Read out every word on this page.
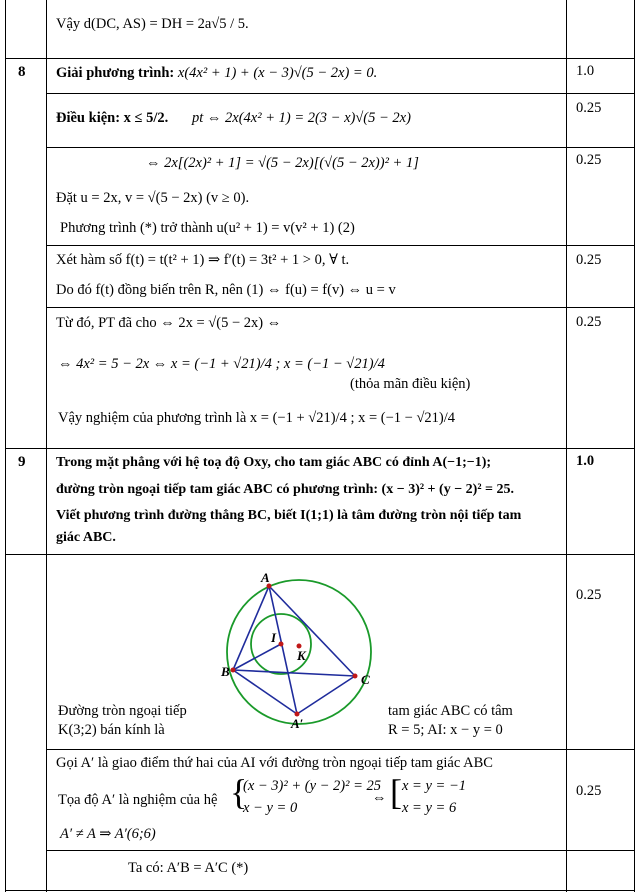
Vậy d(DC, AS) = DH = 2a√5 / 5.
8 Giải phương trình: x(4x² + 1) + (x − 3)√(5 − 2x) = 0.	1.0
Điều kiện: x ≤ 5/2. pt ⇔ 2x(4x² + 1) = 2(3 − x)√(5 − 2x)
0.25
⇔ 2x[(2x)² + 1] = √(5 − 2x)[(√(5 − 2x))² + 1]
Đặt u = 2x, v = √(5 − 2x) (v ≥ 0).
Phương trình (*) trở thành u(u² + 1) = v(v² + 1) (2)
0.25
Xét hàm số f(t) = t(t² + 1) ⇒ f′(t) = 3t² + 1 > 0, ∀ t.
Do đó f(t) đồng biến trên R, nên (1) ⇔ f(u) = f(v) ⇔ u = v
0.25
Từ đó, PT đã cho ⇔ 2x = √(5 − 2x) ⇔
⇔ 4x² = 5 − 2x ⇔ x = (−1 + √21)/4 ; x = (−1 − √21)/4
(thỏa mãn điều kiện)
Vậy nghiệm của phương trình là x = (−1 + √21)/4 ; x = (−1 − √21)/4
0.25
9	1.0
Trong mặt phẳng với hệ toạ độ Oxy, cho tam giác ABC có đỉnh A(−1;−1);
đường tròn ngoại tiếp tam giác ABC có phương trình: (x − 3)² + (y − 2)² = 25.
Viết phương trình đường thẳng BC, biết I(1;1) là tâm đường tròn nội tiếp tam
giác ABC.
A
B
C
I
K
A′
Đường tròn ngoại tiếp
K(3;2) bán kính là
tam giác ABC có tâm
R = 5; AI: x − y = 0
0.25
Gọi A′ là giao điểm thứ hai của AI với đường tròn ngoại tiếp tam giác ABC
Tọa độ A′ là nghiệm của hệ {
(x − 3)² + (y − 2)² = 25
x − y = 0
⇔ [ x = y = −1
x = y = 6
A′ ≠ A ⇒ A′(6;6)
0.25
Ta có: A′B = A′C (*)
